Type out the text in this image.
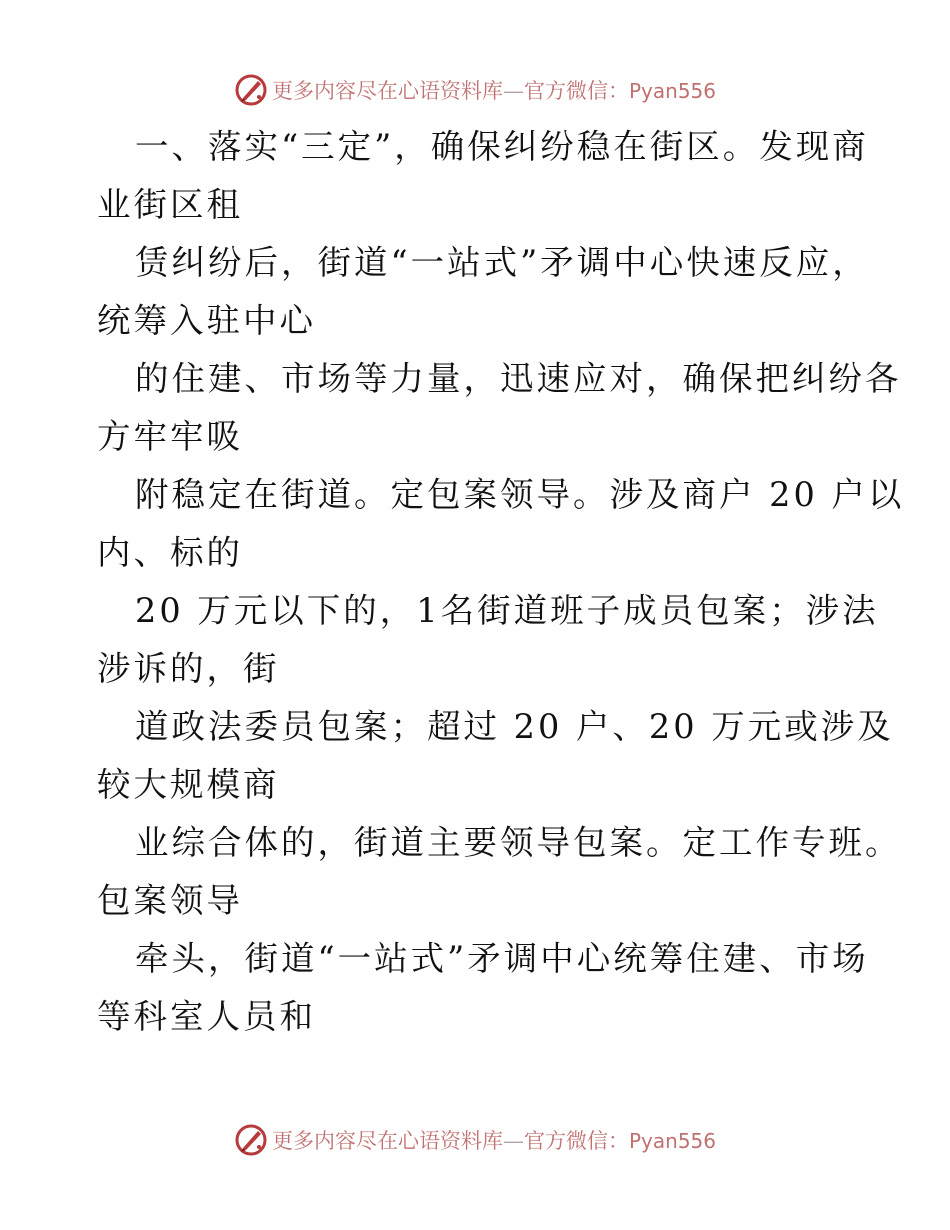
更多内容尽在心语资料库—官方微信：Pyan556
一、落实“三定”，确保纠纷稳在街区。发现商
业街区租
赁纠纷后，街道“一站式”矛调中心快速反应，
统筹入驻中心
的住建、市场等力量，迅速应对，确保把纠纷各
方牢牢吸
附稳定在街道。定包案领导。涉及商户 20 户以
内、标的
20 万元以下的，1名街道班子成员包案；涉法
涉诉的，街
道政法委员包案；超过 20 户、20 万元或涉及
较大规模商
业综合体的，街道主要领导包案。定工作专班。
包案领导
牵头，街道“一站式”矛调中心统筹住建、市场
等科室人员和
更多内容尽在心语资料库—官方微信：Pyan556
